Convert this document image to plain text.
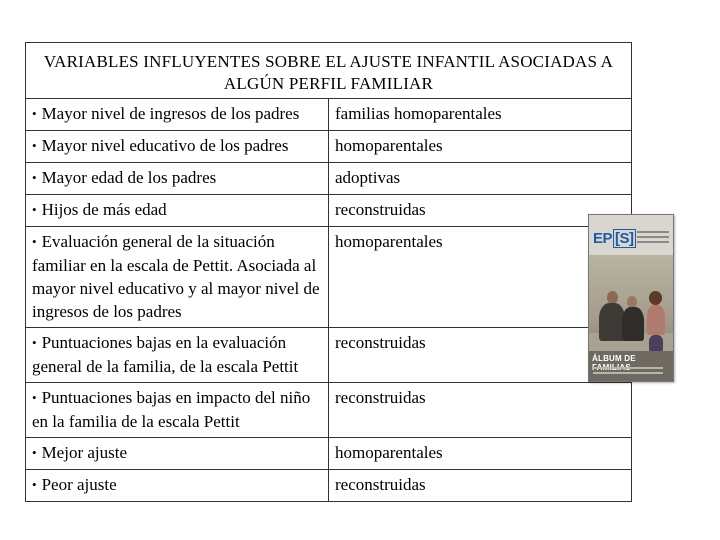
VARIABLES INFLUYENTES SOBRE EL AJUSTE INFANTIL ASOCIADAS A ALGÚN PERFIL FAMILIAR	
• Mayor nivel de ingresos de los padres	familias homoparentales
• Mayor nivel educativo de los padres	homoparentales
• Mayor edad de los padres	adoptivas
• Hijos de más edad	reconstruidas
• Evaluación general de la situación familiar en la escala de Pettit. Asociada al mayor nivel educativo y al mayor nivel de ingresos de los padres	homoparentales
• Puntuaciones bajas en la evaluación general de la familia, de la escala Pettit	reconstruidas
• Puntuaciones bajas en impacto del niño en la familia de la escala Pettit	reconstruidas
• Mejor ajuste	homoparentales
• Peor ajuste	reconstruidas
EP [S]
ÁLBUM DE
